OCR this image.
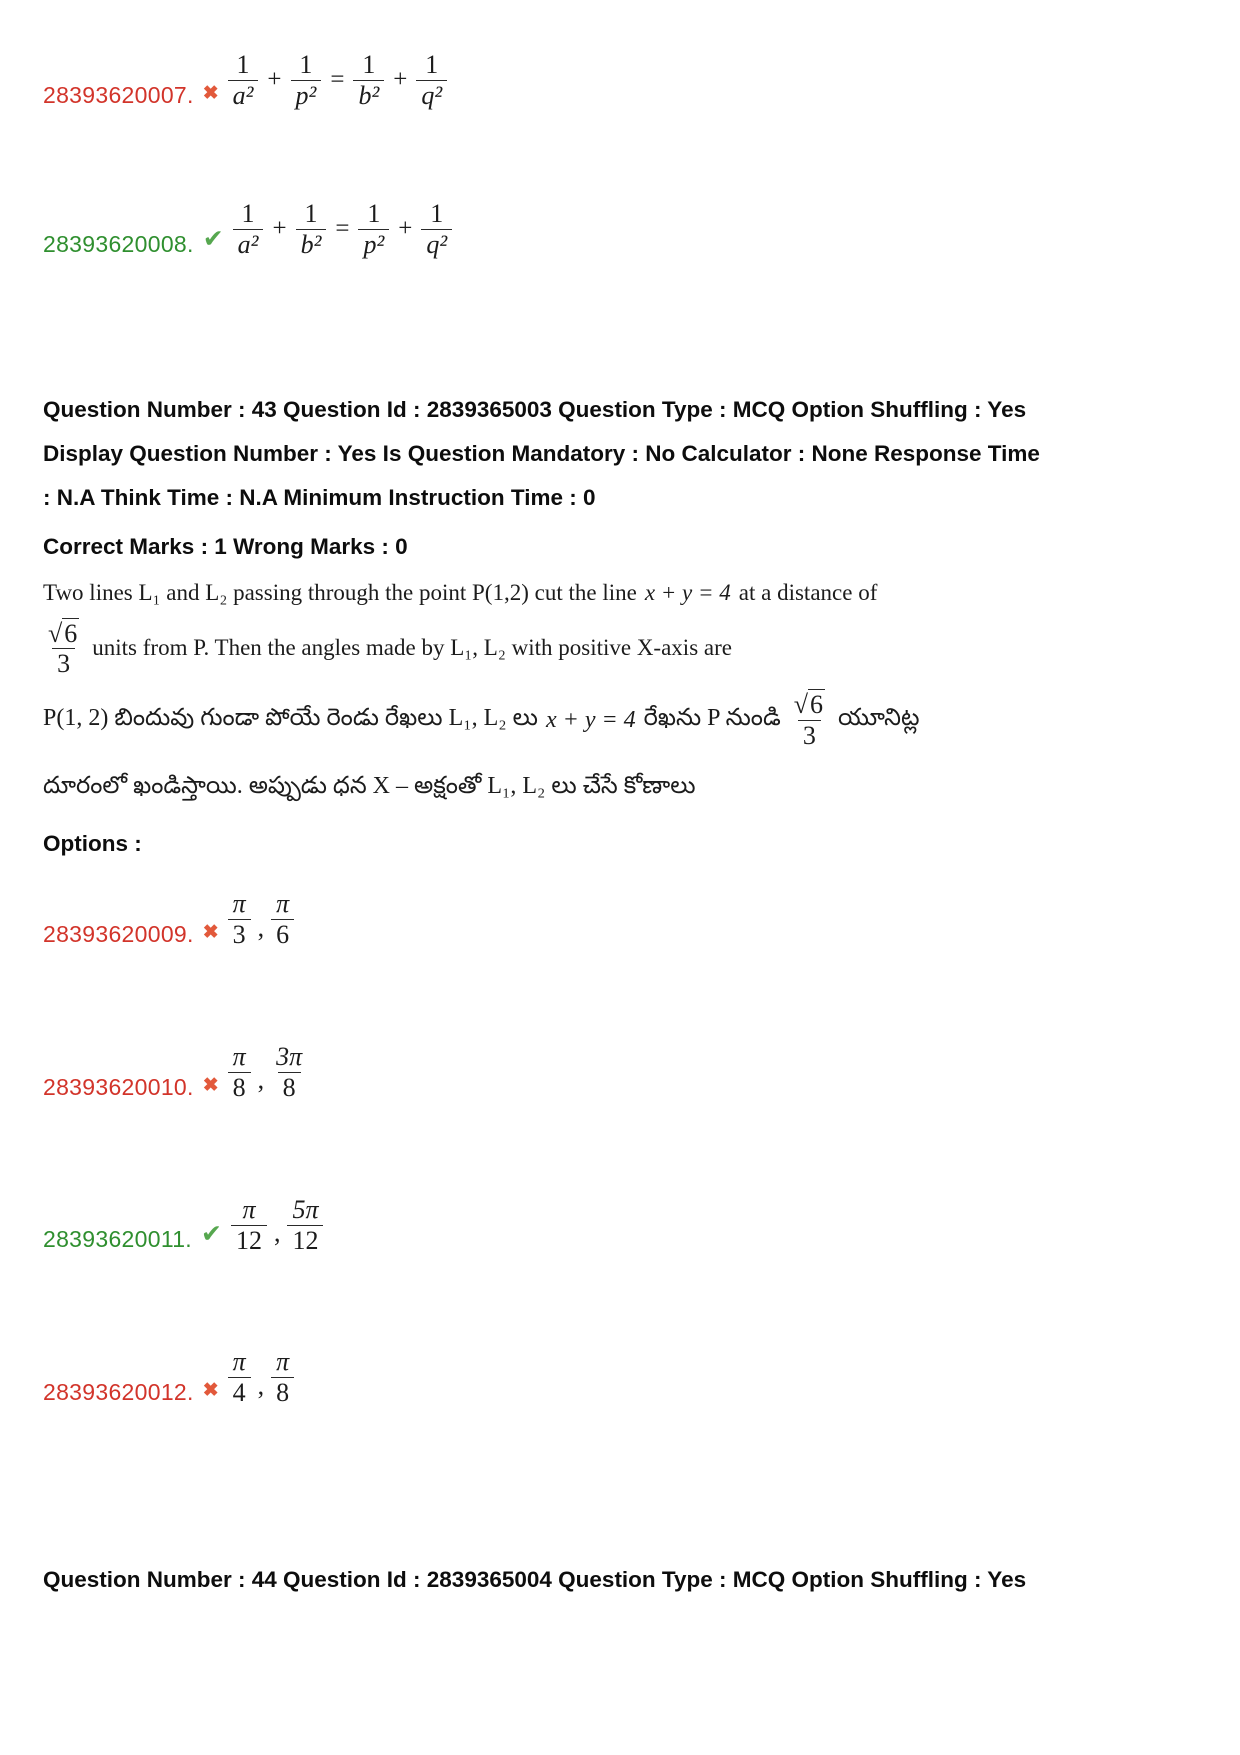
28393620007. ✖ $\frac{1}{\text{a²}} + \frac{1}{\text{p²}} = \frac{1}{\text{b²}} + \frac{1}{\text{q²}}$
28393620008. ✔ $\frac{1}{\text{a²}} + \frac{1}{\text{b²}} = \frac{1}{\text{p²}} + \frac{1}{\text{q²}}$
Question Number : 43 Question Id : 2839365003 Question Type : MCQ Option Shuffling : Yes
Display Question Number : Yes Is Question Mandatory : No Calculator : None Response Time
: N.A Think Time : N.A Minimum Instruction Time : 0
Correct Marks : 1 Wrong Marks : 0
Two lines L₁ and L₂ passing through the point P(1,2) cut the line x + y = 4 at a distance of
$\frac{√6}{3}$ units from P. Then the angles made by L₁, L₂ with positive X-axis are
P(1, 2) బిందువు గుండా పోయే రెండు రేఖలు L₁, L₂ లు x + y = 4 రేఖను P నుండి $\frac{√6}{3}$ యూనిట్ల
దూరంలో ఖండిస్తాయి. అప్పుడు ధన X – అక్షంతో L₁, L₂ లు చేసే కోణాలు
Options :
28393620009. ✖ $\frac{\pi}{3}$ , $\frac{\pi}{6}$
28393620010. ✖ $\frac{\pi}{8}$ , $\frac{3\pi}{8}$
28393620011. ✔ $\frac{\pi}{12}$ , $\frac{5\pi}{12}$
28393620012. ✖ $\frac{\pi}{4}$ , $\frac{\pi}{8}$
Question Number : 44 Question Id : 2839365004 Question Type : MCQ Option Shuffling : Yes
